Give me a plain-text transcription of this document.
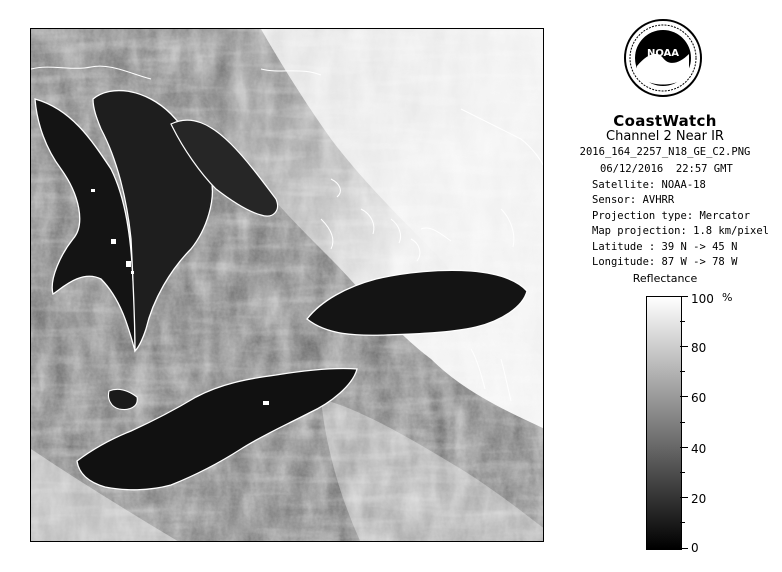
NOAA
CoastWatch
Channel 2 Near IR
2016_164_2257_N18_GE_C2.PNG
06/12/2016 22:57 GMT
Satellite: NOAA-18
Sensor: AVHRR
Projection type: Mercator
Map projection: 1.8 km/pixel
Latitude : 39 N -> 45 N
Longitude: 87 W -> 78 W
Reflectance
%
100
80
60
40
20
0
